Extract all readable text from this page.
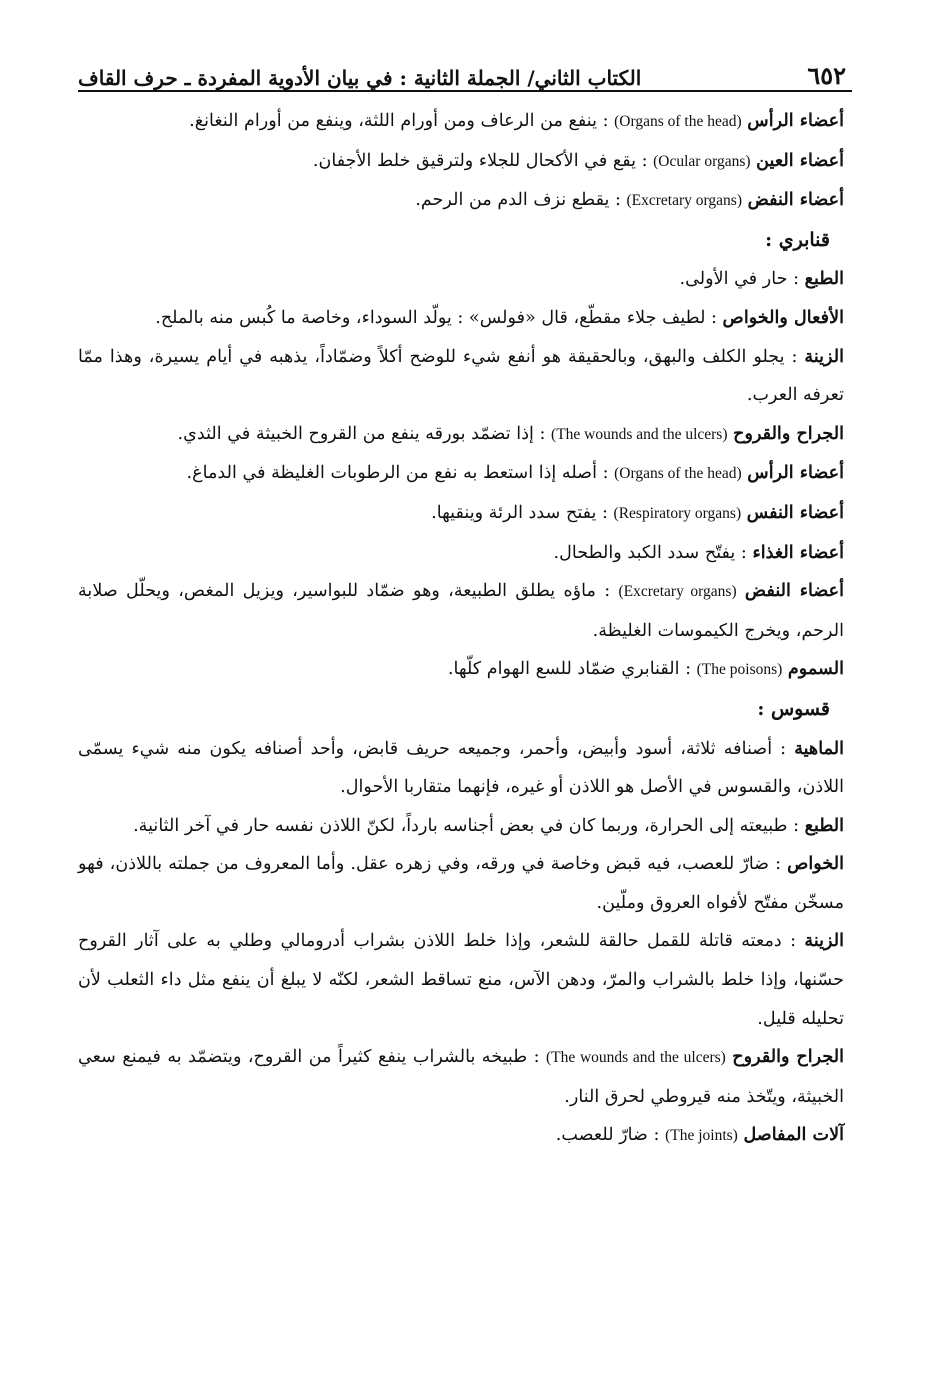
٦٥٢
الكتاب الثاني/ الجملة الثانية : في بيان الأدوية المفردة ـ حرف القاف

أعضاء الرأس (Organs of the head) : ينفع من الرعاف ومن أورام اللثة، وينفع من أورام النغانغ.

أعضاء العين (Ocular organs) : يقع في الأكحال للجلاء ولترقيق خلط الأجفان.

أعضاء النفض (Excretary organs) : يقطع نزف الدم من الرحم.

قنابري :

الطبع : حار في الأولى.

الأفعال والخواص : لطيف جلاء مقطّع، قال «فولس» : يولّد السوداء، وخاصة ما كُبس منه بالملح.

الزينة : يجلو الكلف والبهق، وبالحقيقة هو أنفع شيء للوضح أكلاً وضمّاداً، يذهبه في أيام يسيرة، وهذا ممّا تعرفه العرب.

الجراح والقروح (The wounds and the ulcers) : إذا تضمّد بورقه ينفع من القروح الخبيثة في الثدي.

أعضاء الرأس (Organs of the head) : أصله إذا استعط به نفع من الرطوبات الغليظة في الدماغ.

أعضاء النفس (Respiratory organs) : يفتح سدد الرئة وينقيها.

أعضاء الغذاء : يفتّح سدد الكبد والطحال.

أعضاء النفض (Excretary organs) : ماؤه يطلق الطبيعة، وهو ضمّاد للبواسير، ويزيل المغص، ويحلّل صلابة الرحم، ويخرج الكيموسات الغليظة.

السموم (The poisons) : القنابري ضمّاد للسع الهوام كلّها.

قسوس :

الماهية : أصنافه ثلاثة، أسود وأبيض، وأحمر، وجميعه حريف قابض، وأحد أصنافه يكون منه شيء يسمّى اللاذن، والقسوس في الأصل هو اللاذن أو غيره، فإنهما متقاربا الأحوال.

الطبع : طبيعته إلى الحرارة، وربما كان في بعض أجناسه بارداً، لكنّ اللاذن نفسه حار في آخر الثانية.

الخواص : ضارّ للعصب، فيه قبض وخاصة في ورقه، وفي زهره عقل. وأما المعروف من جملته باللاذن، فهو مسخّن مفتّح لأفواه العروق وملّين.

الزينة : دمعته قاتلة للقمل حالقة للشعر، وإذا خلط اللاذن بشراب أدرومالي وطلي به على آثار القروح حسّنها، وإذا خلط بالشراب والمرّ، ودهن الآس، منع تساقط الشعر، لكنّه لا يبلغ أن ينفع مثل داء الثعلب لأن تحليله قليل.

الجراح والقروح (The wounds and the ulcers) : طبيخه بالشراب ينفع كثيراً من القروح، ويتضمّد به فيمنع سعي الخبيثة، ويتّخذ منه قيروطي لحرق النار.

آلات المفاصل (The joints) : ضارّ للعصب.
